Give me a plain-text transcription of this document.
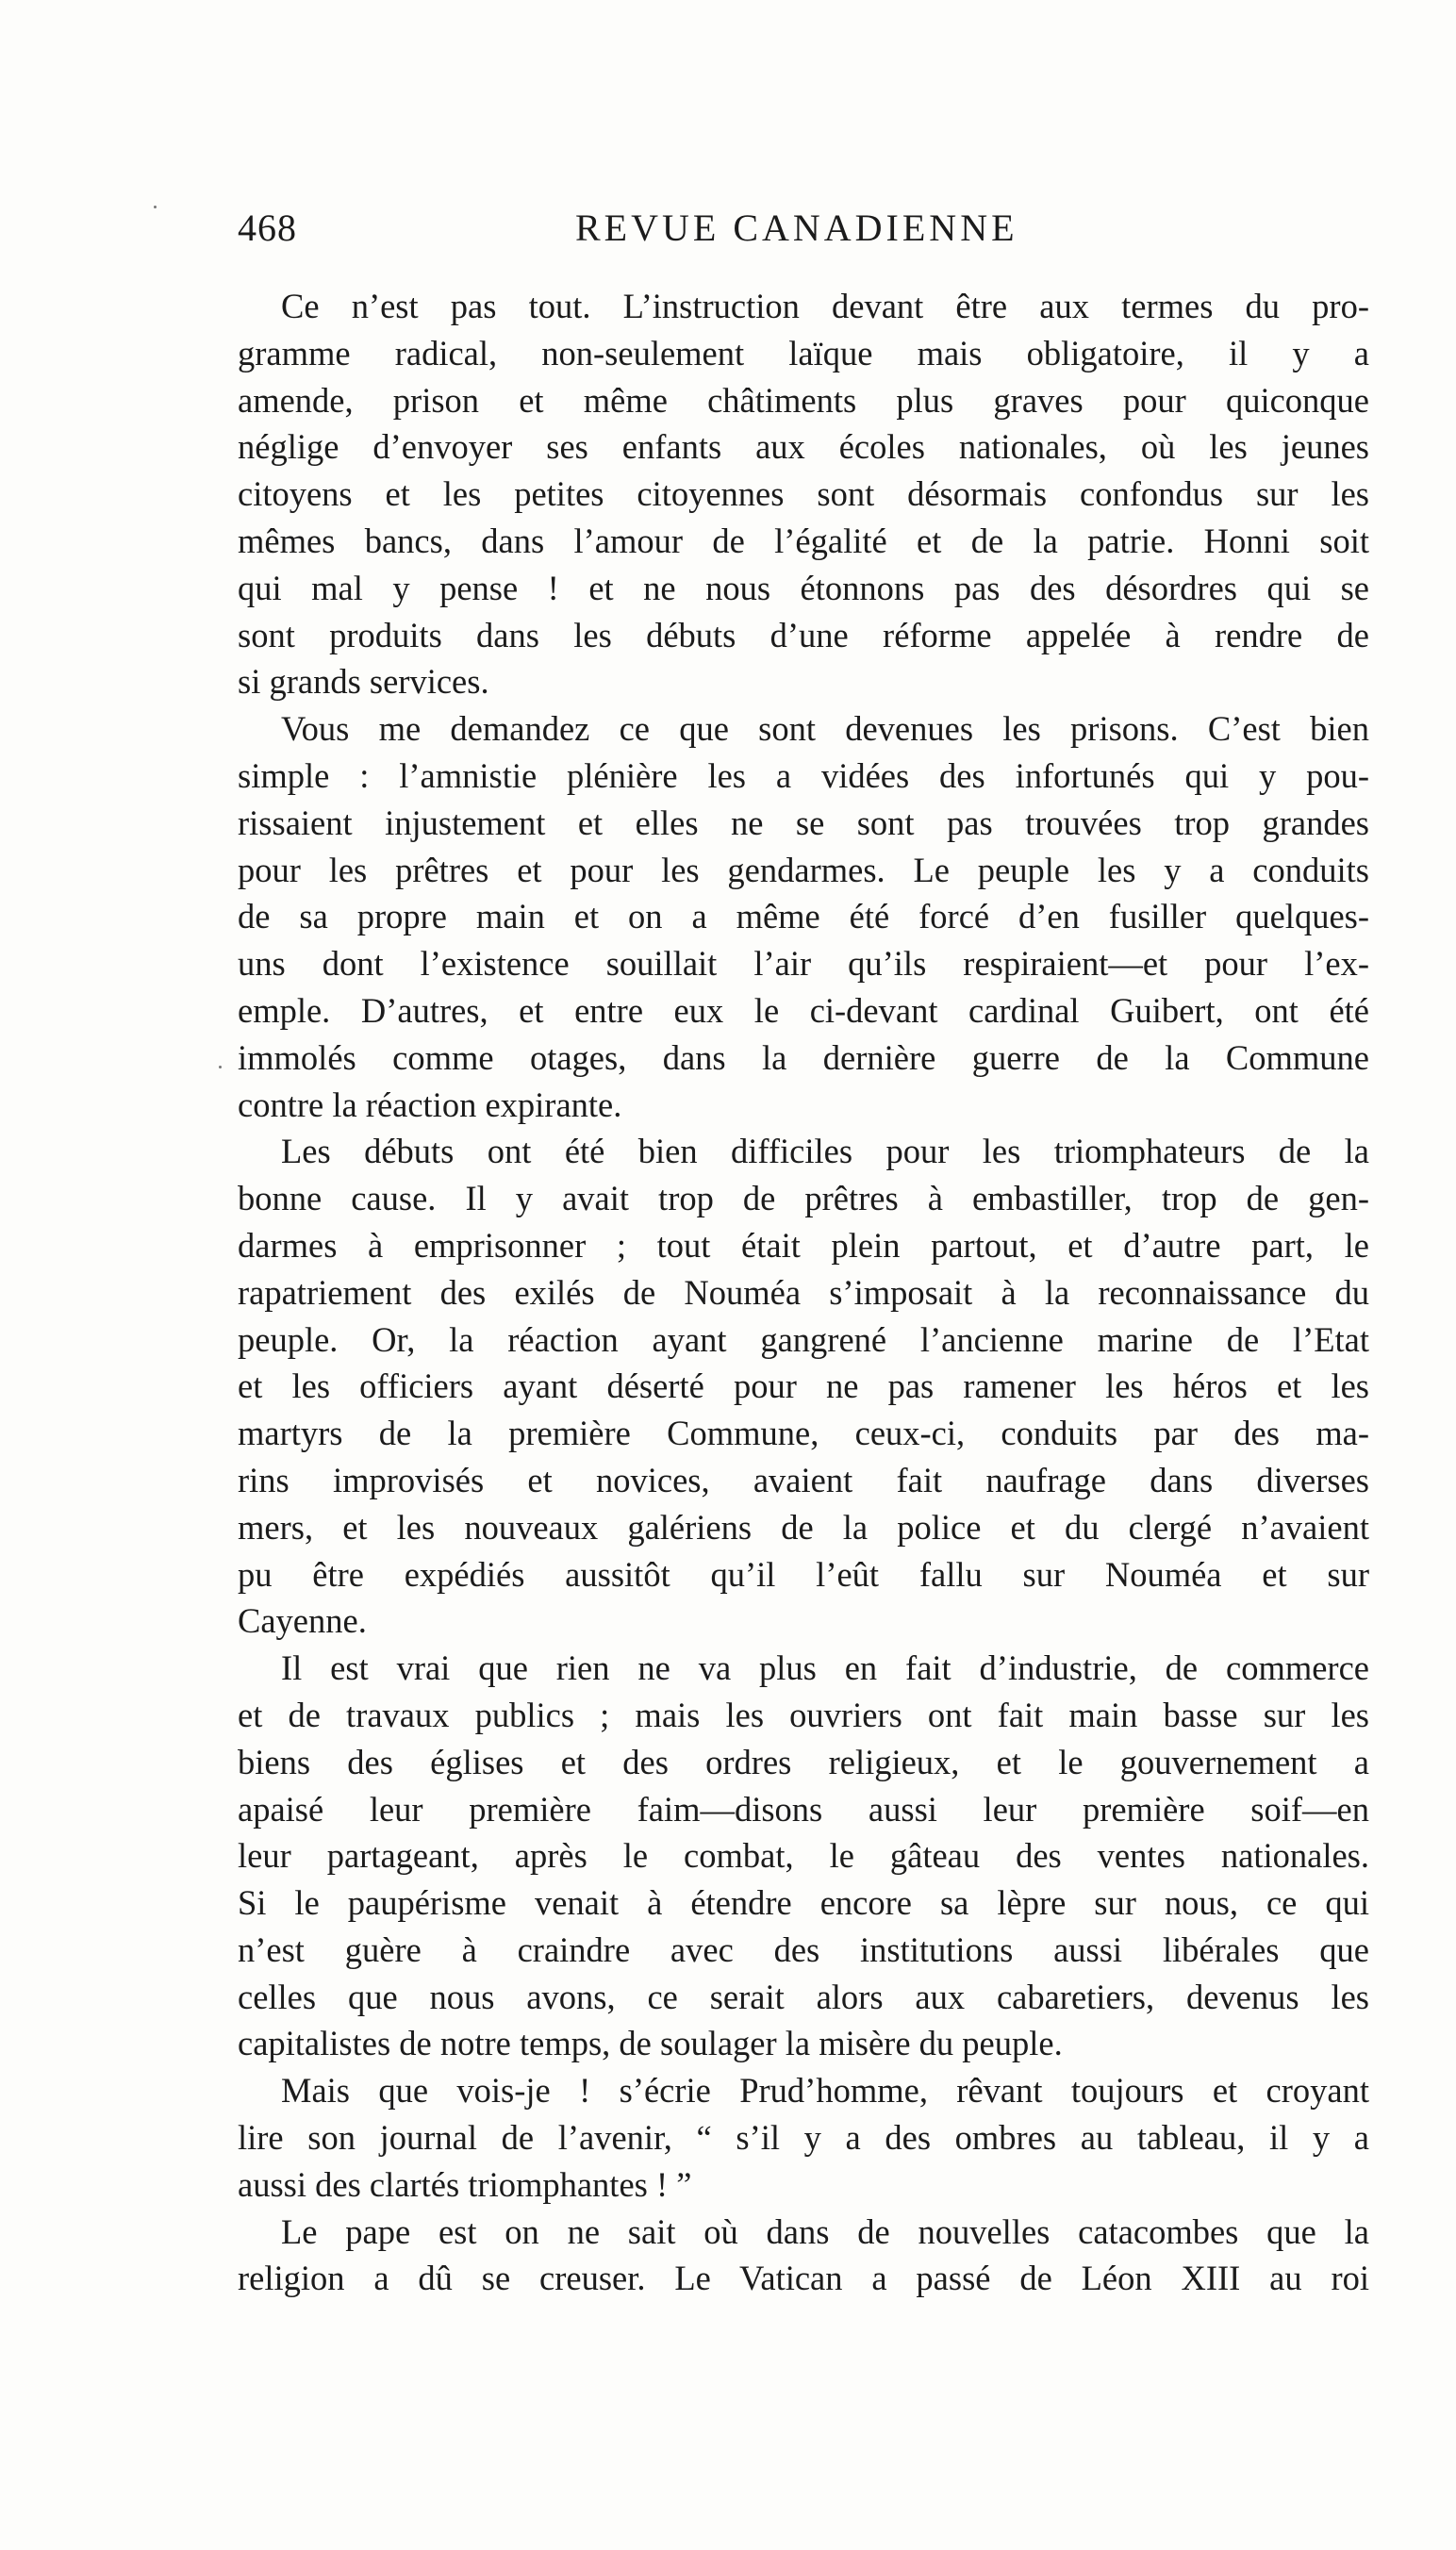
468	REVUE CANADIENNE
Ce n’est pas tout. L’instruction devant être aux termes du pro-
gramme radical, non-seulement laïque mais obligatoire, il y a
amende, prison et même châtiments plus graves pour quiconque
néglige d’envoyer ses enfants aux écoles nationales, où les jeunes
citoyens et les petites citoyennes sont désormais confondus sur les
mêmes bancs, dans l’amour de l’égalité et de la patrie. Honni soit
qui mal y pense ! et ne nous étonnons pas des désordres qui se
sont produits dans les débuts d’une réforme appelée à rendre de
si grands services.
Vous me demandez ce que sont devenues les prisons. C’est bien
simple : l’amnistie plénière les a vidées des infortunés qui y pou-
rissaient injustement et elles ne se sont pas trouvées trop grandes
pour les prêtres et pour les gendarmes. Le peuple les y a conduits
de sa propre main et on a même été forcé d’en fusiller quelques-
uns dont l’existence souillait l’air qu’ils respiraient—et pour l’ex-
emple. D’autres, et entre eux le ci-devant cardinal Guibert, ont été
immolés comme otages, dans la dernière guerre de la Commune
contre la réaction expirante.
Les débuts ont été bien difficiles pour les triomphateurs de la
bonne cause. Il y avait trop de prêtres à embastiller, trop de gen-
darmes à emprisonner ; tout était plein partout, et d’autre part, le
rapatriement des exilés de Nouméa s’imposait à la reconnaissance du
peuple. Or, la réaction ayant gangrené l’ancienne marine de l’Etat
et les officiers ayant déserté pour ne pas ramener les héros et les
martyrs de la première Commune, ceux-ci, conduits par des ma-
rins improvisés et novices, avaient fait naufrage dans diverses
mers, et les nouveaux galériens de la police et du clergé n’avaient
pu être expédiés aussitôt qu’il l’eût fallu sur Nouméa et sur
Cayenne.
Il est vrai que rien ne va plus en fait d’industrie, de commerce
et de travaux publics ; mais les ouvriers ont fait main basse sur les
biens des églises et des ordres religieux, et le gouvernement a
apaisé leur première faim—disons aussi leur première soif—en
leur partageant, après le combat, le gâteau des ventes nationales.
Si le paupérisme venait à étendre encore sa lèpre sur nous, ce qui
n’est guère à craindre avec des institutions aussi libérales que
celles que nous avons, ce serait alors aux cabaretiers, devenus les
capitalistes de notre temps, de soulager la misère du peuple.
Mais que vois-je ! s’écrie Prud’homme, rêvant toujours et croyant
lire son journal de l’avenir, “ s’il y a des ombres au tableau, il y a
aussi des clartés triomphantes ! ”
Le pape est on ne sait où dans de nouvelles catacombes que la
religion a dû se creuser. Le Vatican a passé de Léon XIII au roi
